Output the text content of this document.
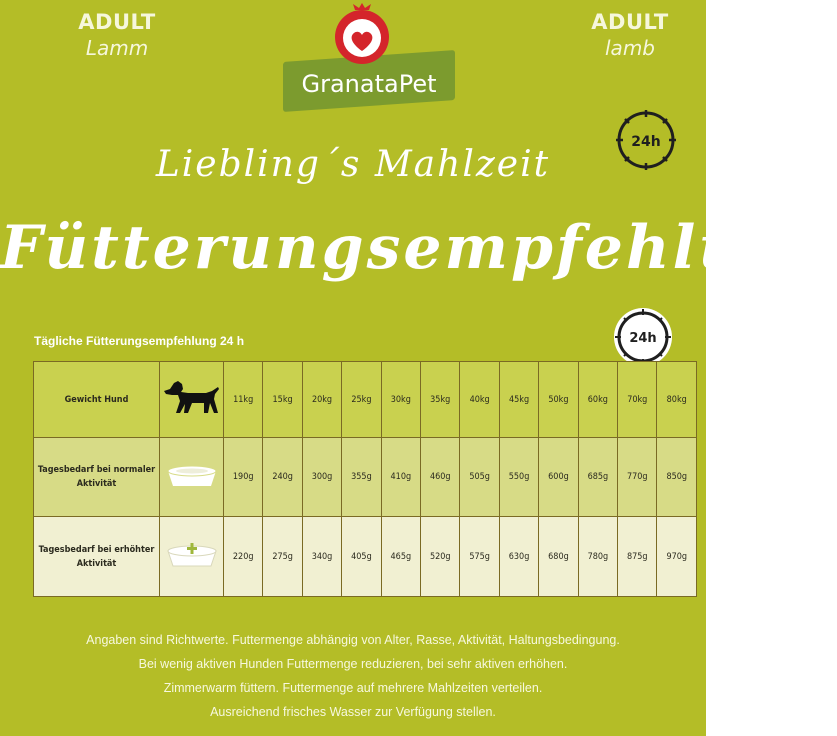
ADULT
Lamm
GranataPet
ADULT
lamb
24h
Liebling´s Mahlzeit
Fütterungsempfehlung
Tägliche Fütterungsempfehlung 24 h	24h
Gewicht Hund		11kg	15kg	20kg	25kg	30kg	35kg	40kg	45kg	50kg	60kg	70kg	80kg
Tagesbedarf bei normaler Aktivität		190g	240g	300g	355g	410g	460g	505g	550g	600g	685g	770g	850g
Tagesbedarf bei erhöhter Aktivität		220g	275g	340g	405g	465g	520g	575g	630g	680g	780g	875g	970g
Angaben sind Richtwerte. Futtermenge abhängig von Alter, Rasse, Aktivität, Haltungsbedingung.
Bei wenig aktiven Hunden Futtermenge reduzieren, bei sehr aktiven erhöhen.
Zimmerwarm füttern. Futtermenge auf mehrere Mahlzeiten verteilen.
Ausreichend frisches Wasser zur Verfügung stellen.
